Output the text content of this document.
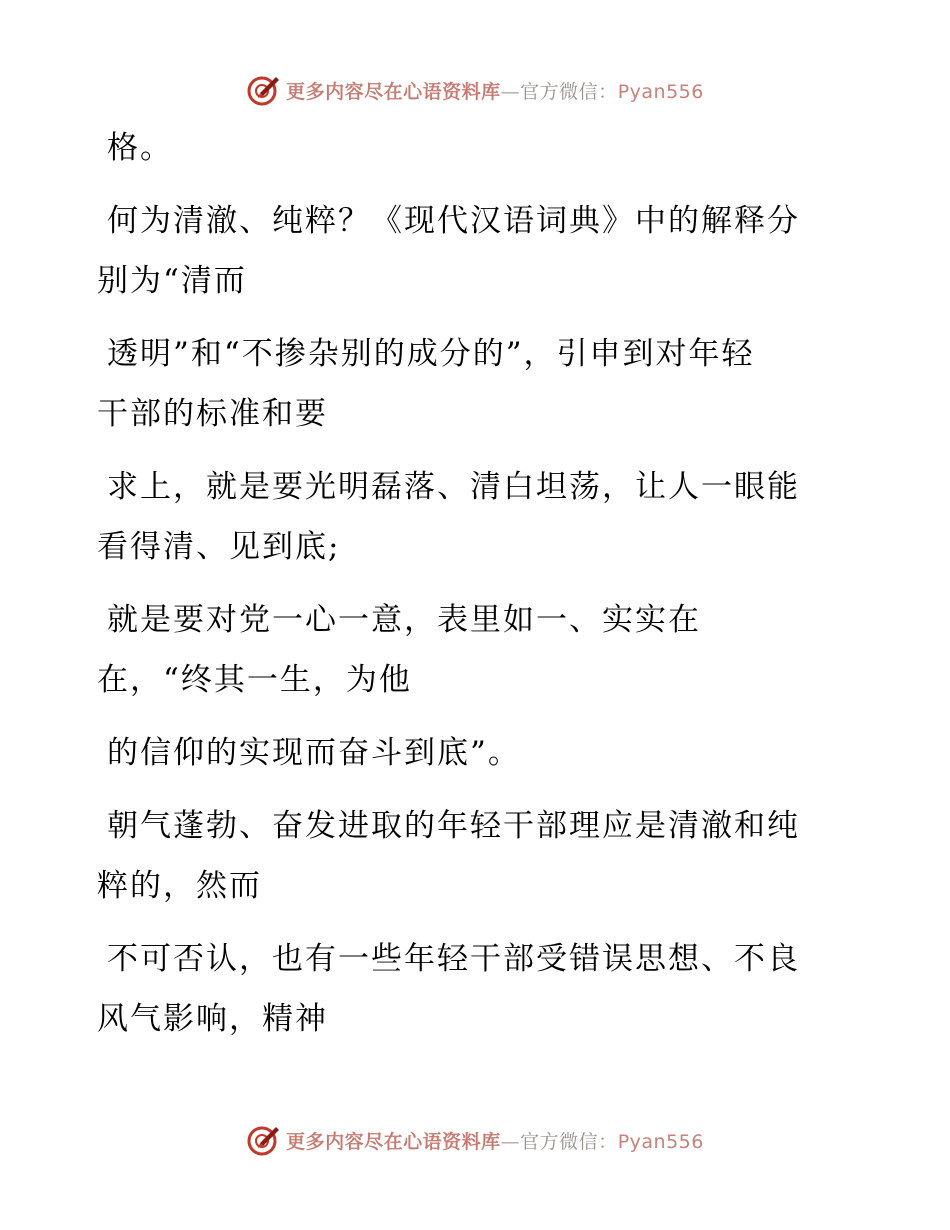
更多内容尽在心语资料库—官方微信：Pyan556
格。
何为清澈、纯粹？《现代汉语词典》中的解释分
别为“清而
透明”和“不掺杂别的成分的”，引申到对年轻
干部的标准和要
求上，就是要光明磊落、清白坦荡，让人一眼能
看得清、见到底;
就是要对党一心一意，表里如一、实实在
在，“终其一生，为他
的信仰的实现而奋斗到底”。
朝气蓬勃、奋发进取的年轻干部理应是清澈和纯
粹的，然而
不可否认，也有一些年轻干部受错误思想、不良
风气影响，精神
更多内容尽在心语资料库—官方微信：Pyan556
